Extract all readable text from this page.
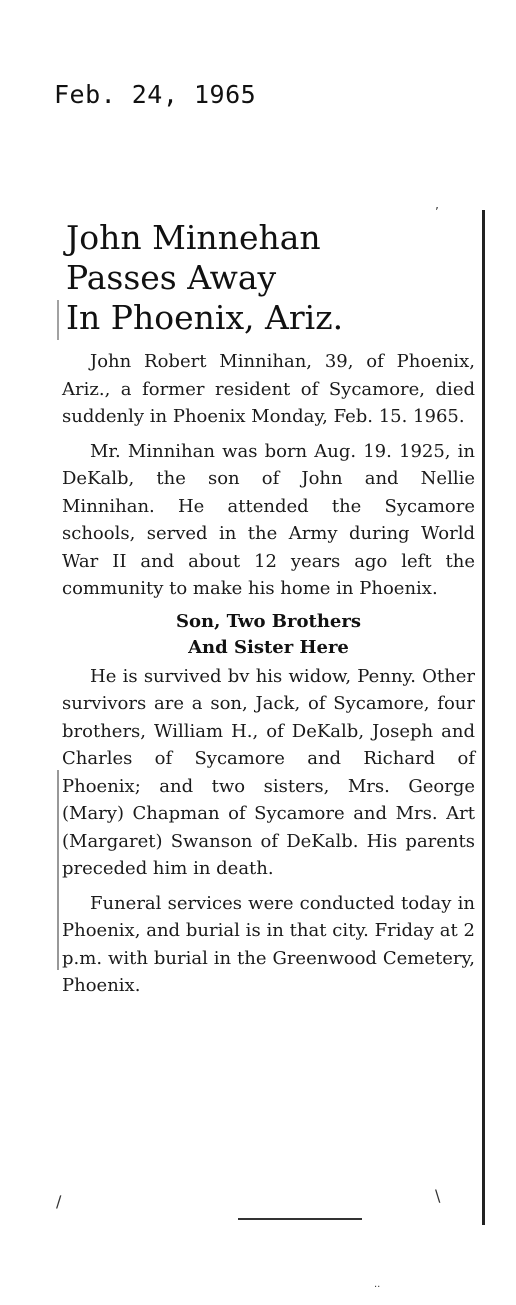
Feb. 24, 1965
John Minnehan
Passes Away
In Phoenix, Ariz.

John Robert Minnihan, 39, of Phoenix, Ariz., a former resident of Sycamore, died suddenly in Phoenix Monday, Feb. 15. 1965.

Mr. Minnihan was born Aug. 19. 1925, in DeKalb, the son of John and Nellie Minnihan. He attended the Sycamore schools, served in the Army during World War II and about 12 years ago left the community to make his home in Phoenix.

Son, Two Brothers
And Sister Here

He is survived bv his widow, Penny. Other survivors are a son, Jack, of Sycamore, four brothers, William H., of DeKalb, Joseph and Charles of Sycamore and Richard of Phoenix; and two sisters, Mrs. George (Mary) Chapman of Sycamore and Mrs. Art (Margaret) Swanson of DeKalb. His parents preceded him in death.

Funeral services were conducted today in Phoenix, and burial is in that city. Friday at 2 p.m. with burial in the Greenwood Cemetery, Phoenix.

’
∕	\
··
